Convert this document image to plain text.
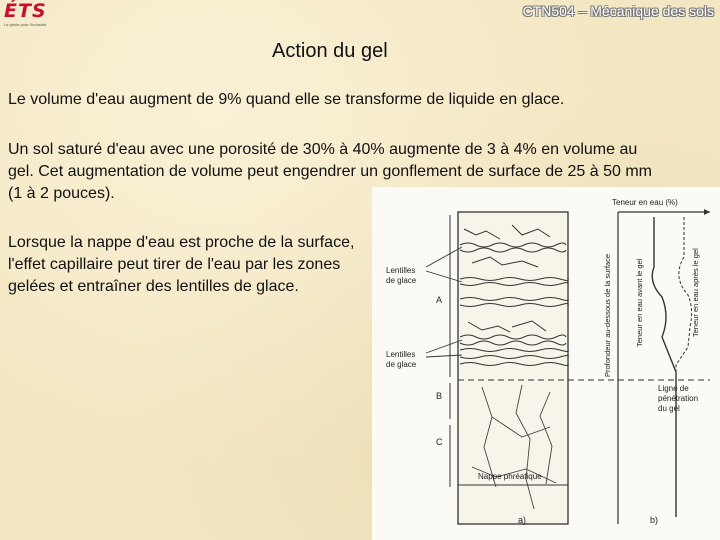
ÉTS
Le génie pour l'industrie
CTN504 – Mécanique des sols
Action du gel

Le volume d'eau augment de 9% quand elle se transforme de liquide en glace.

Un sol saturé d'eau avec une porosité de 30% à 40% augmente de 3 à 4% en volume au gel. Cet augmentation de volume peut engendrer un gonflement de surface de 25 à 50 mm (1 à 2 pouces).

Lorsque la nappe d'eau est proche de la surface, l'effet capillaire peut tirer de l'eau par les zones gelées et entraîner des lentilles de glace.

Nappe phréatique
A
B
C
Lentilles
de glace
Lentilles
de glace
Teneur en eau (%)
Profondeur au-dessous de la surface	Teneur en eau avant le gel	Teneur en eau après le gel
Ligne de
pénétration
du gel
a)	b)
